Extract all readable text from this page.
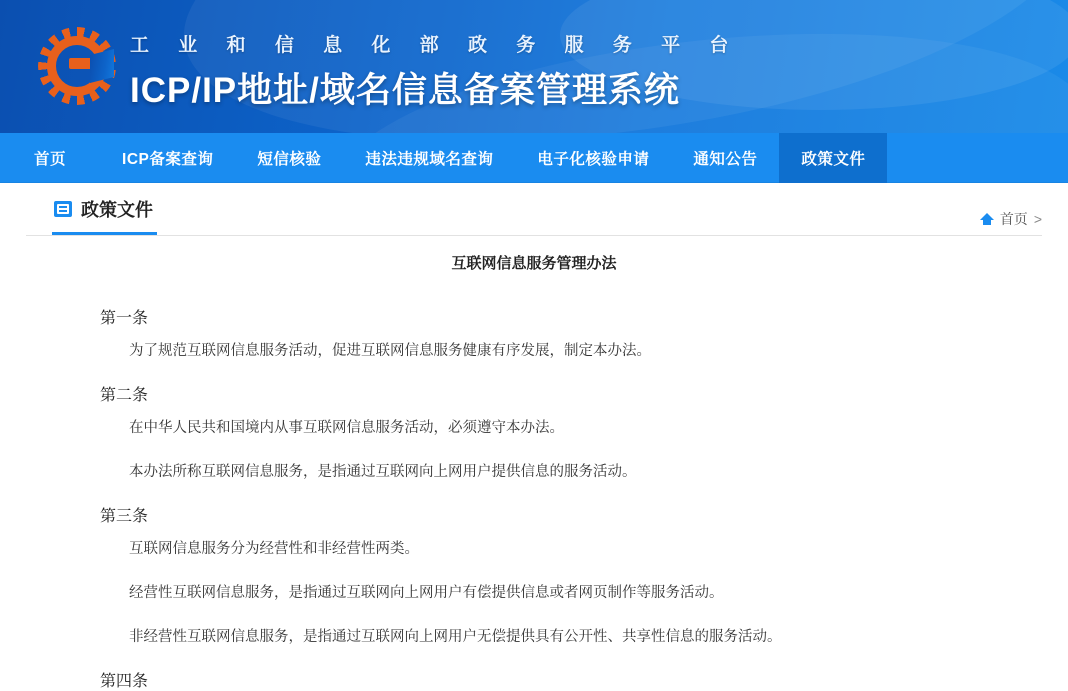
工 业 和 信 息 化 部 政 务 服 务 平 台

ICP/IP地址/域名信息备案管理系统

首页	ICP备案查询	短信核验	违法违规域名查询	电子化核验申请	通知公告	政策文件
政策文件	首页 >
互联网信息服务管理办法
第一条

为了规范互联网信息服务活动，促进互联网信息服务健康有序发展，制定本办法。

第二条

在中华人民共和国境内从事互联网信息服务活动，必须遵守本办法。

本办法所称互联网信息服务，是指通过互联网向上网用户提供信息的服务活动。

第三条

互联网信息服务分为经营性和非经营性两类。

经营性互联网信息服务，是指通过互联网向上网用户有偿提供信息或者网页制作等服务活动。

非经营性互联网信息服务，是指通过互联网向上网用户无偿提供具有公开性、共享性信息的服务活动。

第四条
